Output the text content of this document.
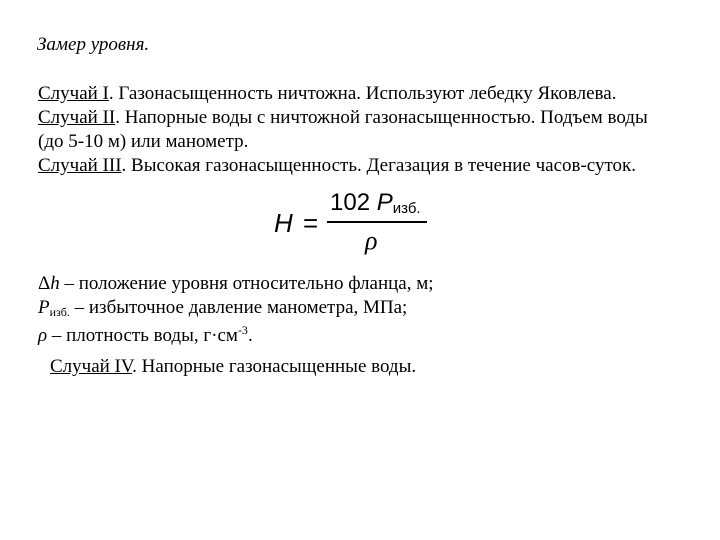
Замер уровня.
Случай I. Газонасыщенность ничтожна. Используют лебедку Яковлева.
Случай II. Напорные воды с ничтожной газонасыщенностью. Подъем воды
(до 5-10 м) или манометр.
Случай III. Высокая газонасыщенность. Дегазация в течение часов-суток.
H =
102 $P_{изб.}$
ρ
Δh – положение уровня относительно фланца, м;
$P_{изб.}$ – избыточное давление манометра, МПа;
ρ – плотность воды, $г\cdot см^{-3}$.
Случай IV. Напорные газонасыщенные воды.
